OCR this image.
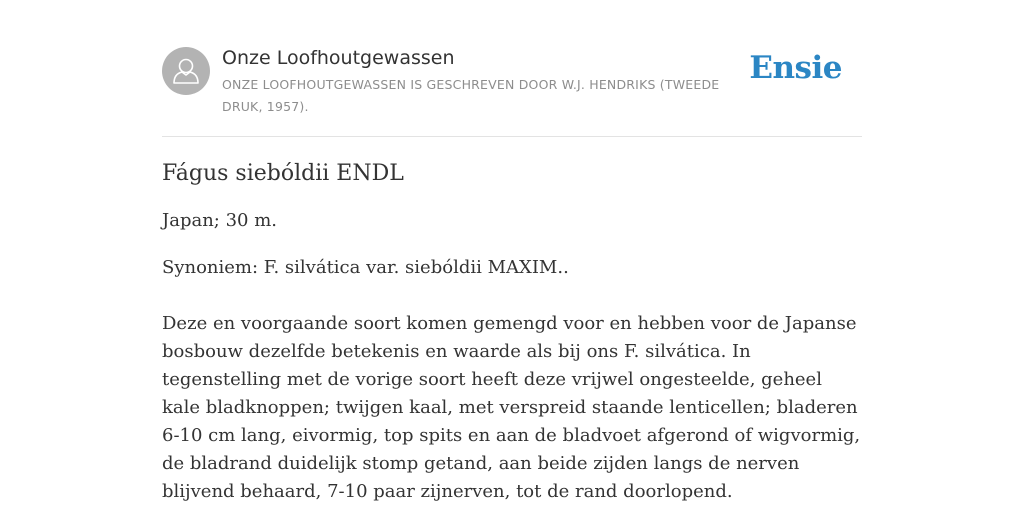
Onze Loofhoutgewassen
ONZE LOOFHOUTGEWASSEN IS GESCHREVEN DOOR W.J. HENDRIKS (TWEEDE DRUK, 1957).
Ensie
Fágus siebóldii ENDL

Japan; 30 m.

Synoniem: F. silvática var. siebóldii MAXIM..

Deze en voorgaande soort komen gemengd voor en hebben voor de Japanse bosbouw dezelfde betekenis en waarde als bij ons F. silvática. In tegenstelling met de vorige soort heeft deze vrijwel ongesteelde, geheel kale bladknoppen; twijgen kaal, met verspreid staande lenticellen; bladeren 6-10 cm lang, eivormig, top spits en aan de bladvoet afgerond of wigvormig, de bladrand duidelijk stomp getand, aan beide zijden langs de nerven blijvend behaard, 7-10 paar zijnerven, tot de rand doorlopend.
